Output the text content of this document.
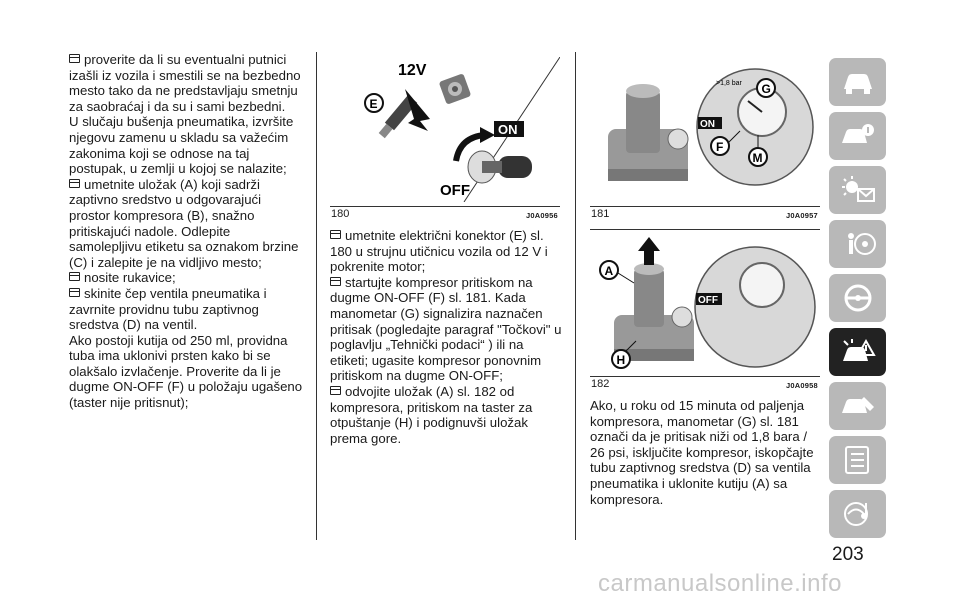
proverite da li su eventualni putnici izašli iz vozila i smestili se na bezbedno mesto tako da ne predstavljaju smetnju za saobraćaj i da su i sami bezbedni.

U slučaju bušenja pneumatika, izvršite njegovu zamenu u skladu sa važećim zakonima koji se odnose na taj postupak, u zemlji u kojoj se nalazite;

umetnite uložak (A) koji sadrži zaptivno sredstvo u odgovarajući prostor kompresora (B), snažno pritiskajući nadole. Odlepite samolepljivu etiketu sa oznakom brzine (C) i zalepite je na vidljivo mesto;

nosite rukavice;

skinite čep ventila pneumatika i zavrnite providnu tubu zaptivnog sredstva (D) na ventil.

Ako postoji kutija od 250 ml, providna tuba ima uklonivi prsten kako bi se olakšalo izvlačenje. Proverite da li je dugme ON-OFF (F) u položaju ugašeno (taster nije pritisnut);

12V
E
ON
OFF
180	J0A0956

umetnite električni konektor (E) sl. 180 u strujnu utičnicu vozila od 12 V i pokrenite motor;

startujte kompresor pritiskom na dugme ON-OFF (F) sl. 181. Kada manometar (G) signalizira naznačen pritisak (pogledajte paragraf "Točkovi" u poglavlju „Tehnički podaci“ ) ili na etiketi; ugasite kompresor ponovnim pritiskom na dugme ON-OFF;

odvojite uložak (A) sl. 182 od kompresora, pritiskom na taster za otpuštanje (H) i podignuvši uložak prema gore.

>1,8 bar
ON
G
F
M
181	J0A0957
OFF
A
H
182	J0A0958

Ako, u roku od 15 minuta od paljenja kompresora, manometar (G) sl. 181 označi da je pritisak niži od 1,8 bara / 26 psi, isključite kompresor, iskopčajte tubu zaptivnog sredstva (D) sa ventila pneumatika i uklonite kutiju (A) sa kompresora.

203
carmanualsonline.info
